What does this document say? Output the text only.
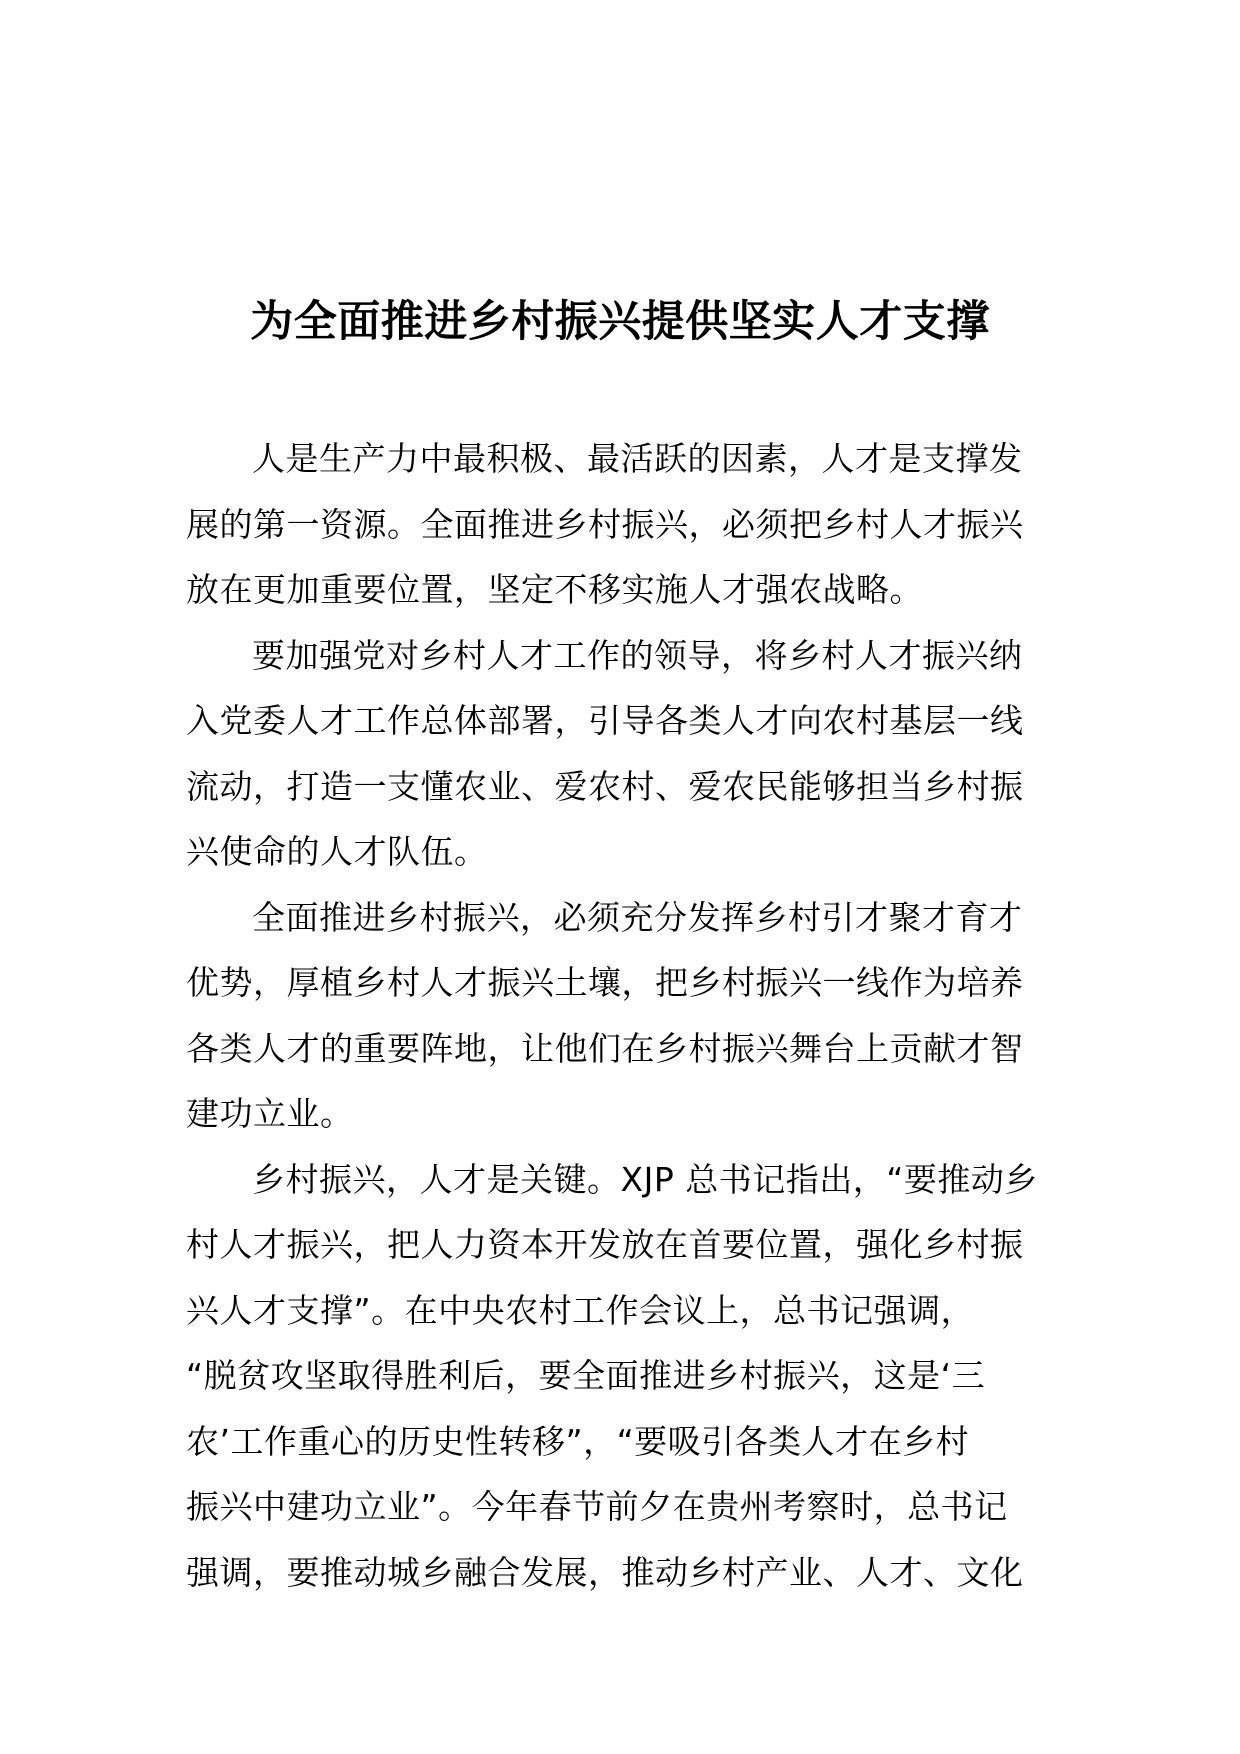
为全面推进乡村振兴提供坚实人才支撑

人是生产力中最积极、最活跃的因素，人才是支撑发
展的第一资源。全面推进乡村振兴，必须把乡村人才振兴
放在更加重要位置，坚定不移实施人才强农战略。

要加强党对乡村人才工作的领导，将乡村人才振兴纳
入党委人才工作总体部署，引导各类人才向农村基层一线
流动，打造一支懂农业、爱农村、爱农民能够担当乡村振
兴使命的人才队伍。

全面推进乡村振兴，必须充分发挥乡村引才聚才育才
优势，厚植乡村人才振兴土壤，把乡村振兴一线作为培养
各类人才的重要阵地，让他们在乡村振兴舞台上贡献才智
建功立业。

乡村振兴，人才是关键。XJP 总书记指出，“要推动乡
村人才振兴，把人力资本开发放在首要位置，强化乡村振
兴人才支撑”。在中央农村工作会议上，总书记强调，
“脱贫攻坚取得胜利后，要全面推进乡村振兴，这是‘三
农’工作重心的历史性转移”，“要吸引各类人才在乡村
振兴中建功立业”。今年春节前夕在贵州考察时，总书记
强调，要推动城乡融合发展，推动乡村产业、人才、文化
